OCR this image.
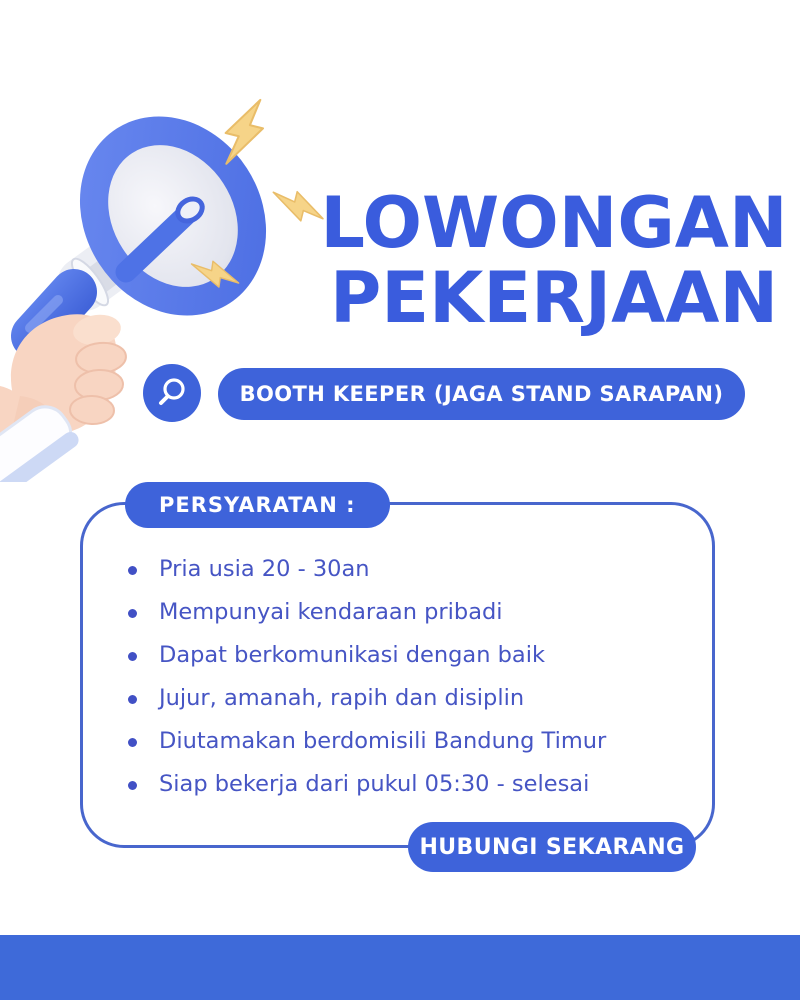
LOWONGAN
PEKERJAAN
BOOTH KEEPER (JAGA STAND SARAPAN)
PERSYARATAN :
Pria usia 20 - 30an
Mempunyai kendaraan pribadi
Dapat berkomunikasi dengan baik
Jujur, amanah, rapih dan disiplin
Diutamakan berdomisili Bandung Timur
Siap bekerja dari pukul 05:30 - selesai
HUBUNGI SEKARANG
